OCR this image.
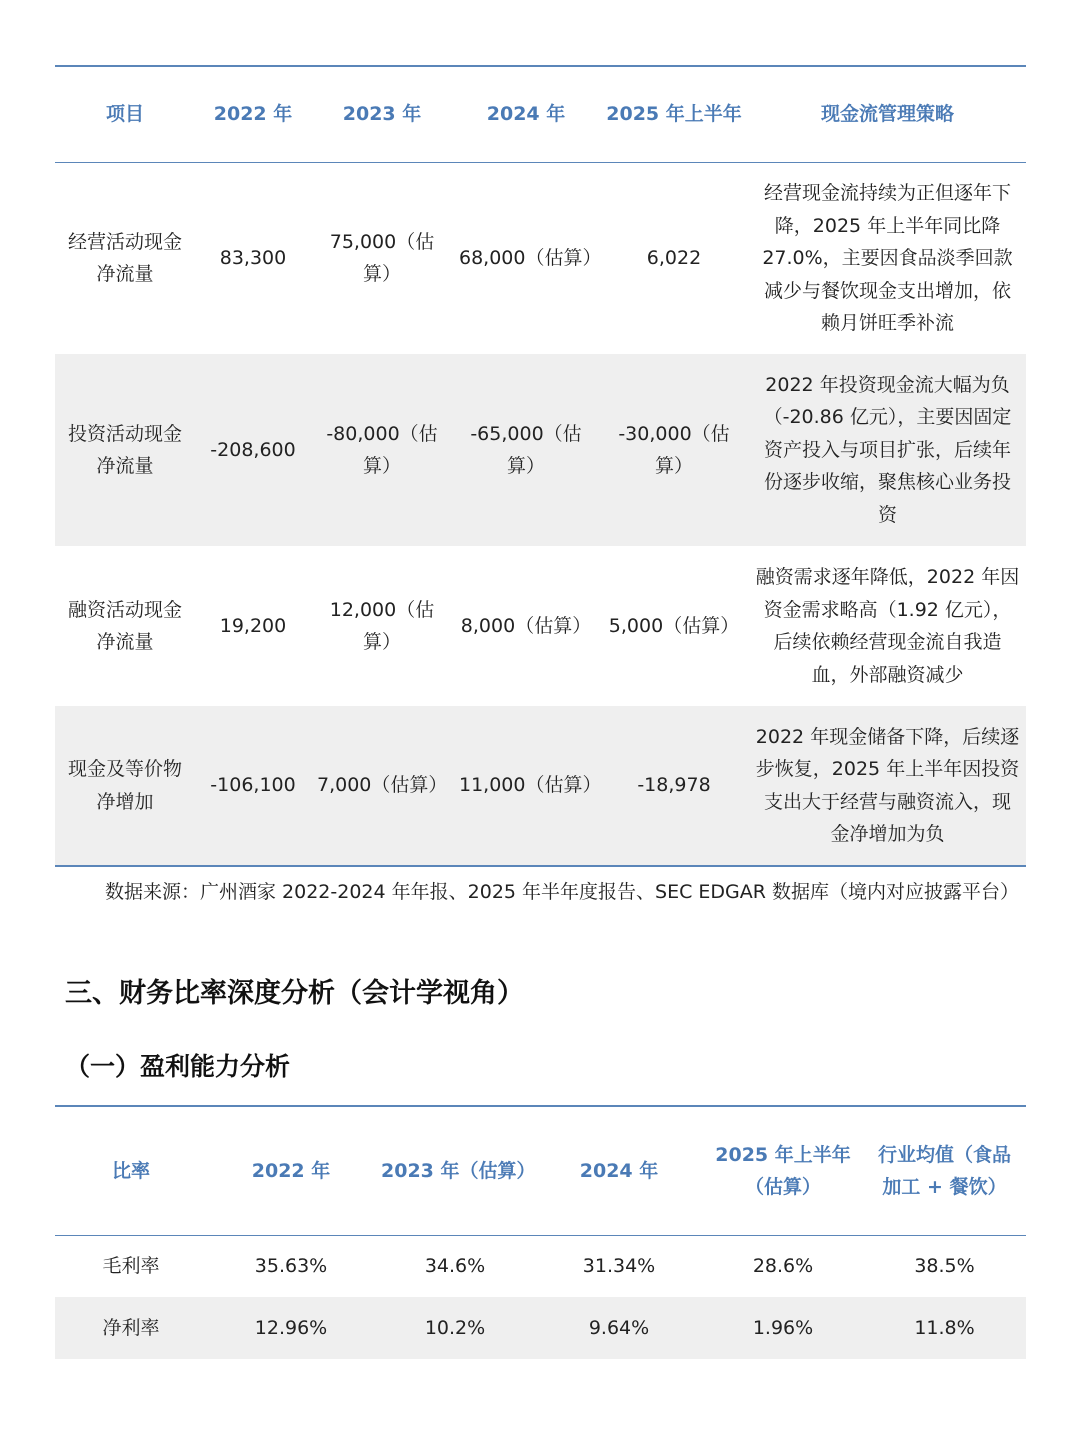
项目	2022 年	2023 年	2024 年	2025 年上半年	现金流管理策略
经营活动现金净流量	83,300	75,000（估算）	68,000（估算）	6,022	经营现金流持续为正但逐年下降，2025 年上半年同比降 27.0%，主要因食品淡季回款减少与餐饮现金支出增加，依赖月饼旺季补流
投资活动现金净流量	-208,600	-80,000（估算）	-65,000（估算）	-30,000（估算）	2022 年投资现金流大幅为负（-20.86 亿元），主要因固定资产投入与项目扩张，后续年份逐步收缩，聚焦核心业务投资
融资活动现金净流量	19,200	12,000（估算）	8,000（估算）	5,000（估算）	融资需求逐年降低，2022 年因资金需求略高（1.92 亿元），后续依赖经营现金流自我造血，外部融资减少
现金及等价物净增加	-106,100	7,000（估算）	11,000（估算）	-18,978	2022 年现金储备下降，后续逐步恢复，2025 年上半年因投资支出大于经营与融资流入，现金净增加为负
数据来源：广州酒家 2022-2024 年年报、2025 年半年度报告、SEC EDGAR 数据库（境内对应披露平台）
三、财务比率深度分析（会计学视角）
（一）盈利能力分析
比率	2022 年	2023 年（估算）	2024 年	2025 年上半年（估算）	行业均值（食品加工 + 餐饮）
毛利率	35.63%	34.6%	31.34%	28.6%	38.5%
净利率	12.96%	10.2%	9.64%	1.96%	11.8%
